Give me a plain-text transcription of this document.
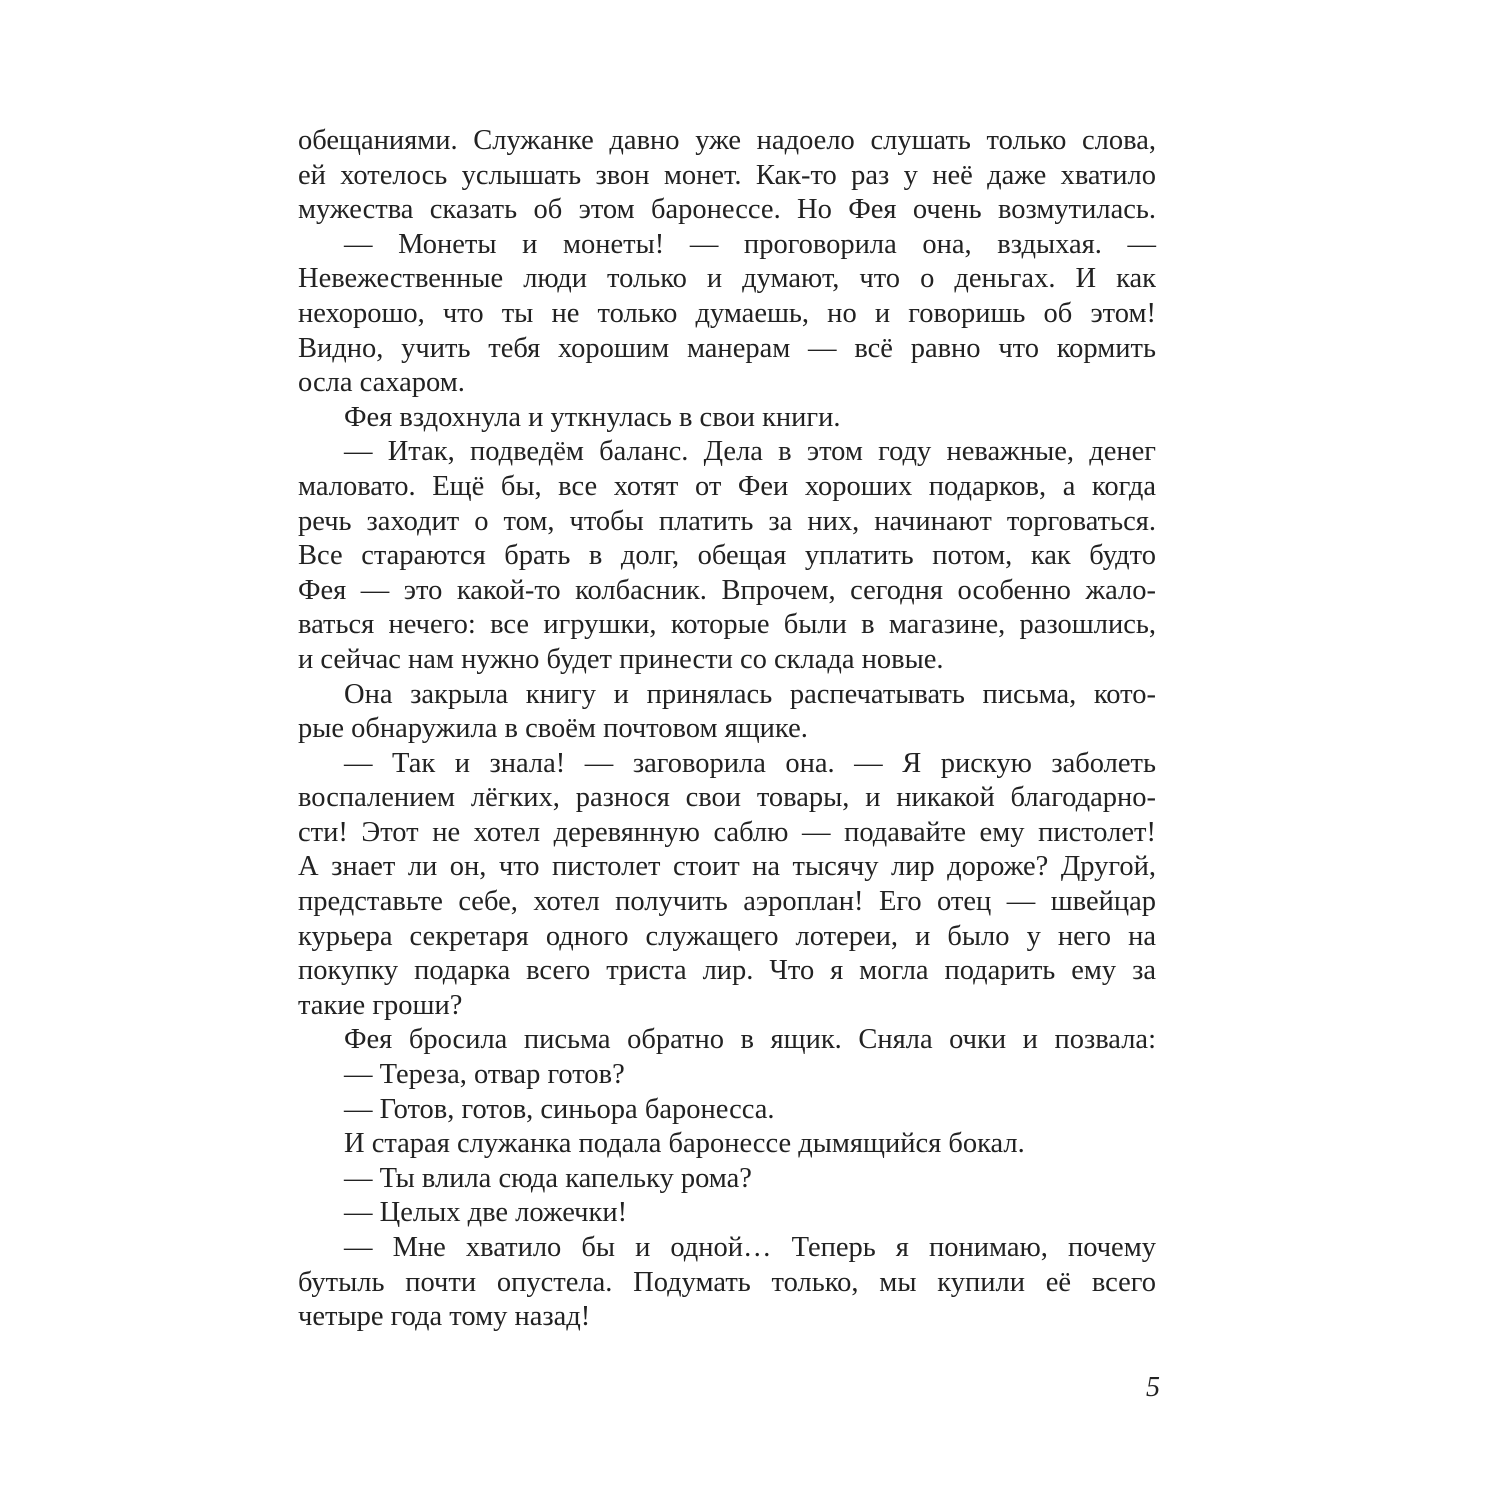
обещаниями. Служанке давно уже надоело слушать только слова,
ей хотелось услышать звон монет. Как-то раз у неё даже хватило
мужества сказать об этом баронессе. Но Фея очень возмутилась.
— Монеты и монеты! — проговорила она, вздыхая. —
Невежественные люди только и думают, что о деньгах. И как
нехорошо, что ты не только думаешь, но и говоришь об этом!
Видно, учить тебя хорошим манерам — всё равно что кормить
осла сахаром.
Фея вздохнула и уткнулась в свои книги.
— Итак, подведём баланс. Дела в этом году неважные, денег
маловато. Ещё бы, все хотят от Феи хороших подарков, а когда
речь заходит о том, чтобы платить за них, начинают торговаться.
Все стараются брать в долг, обещая уплатить потом, как будто
Фея — это какой-то колбасник. Впрочем, сегодня особенно жало-
ваться нечего: все игрушки, которые были в магазине, разошлись,
и сейчас нам нужно будет принести со склада новые.
Она закрыла книгу и принялась распечатывать письма, кото-
рые обнаружила в своём почтовом ящике.
— Так и знала! — заговорила она. — Я рискую заболеть
воспалением лёгких, разнося свои товары, и никакой благодарно-
сти! Этот не хотел деревянную саблю — подавайте ему пистолет!
А знает ли он, что пистолет стоит на тысячу лир дороже? Другой,
представьте себе, хотел получить аэроплан! Его отец — швейцар
курьера секретаря одного служащего лотереи, и было у него на
покупку подарка всего триста лир. Что я могла подарить ему за
такие гроши?
Фея бросила письма обратно в ящик. Сняла очки и позвала:
— Тереза, отвар готов?
— Готов, готов, синьора баронесса.
И старая служанка подала баронессе дымящийся бокал.
— Ты влила сюда капельку рома?
— Целых две ложечки!
— Мне хватило бы и одной… Теперь я понимаю, почему
бутыль почти опустела. Подумать только, мы купили её всего
четыре года тому назад!
5
